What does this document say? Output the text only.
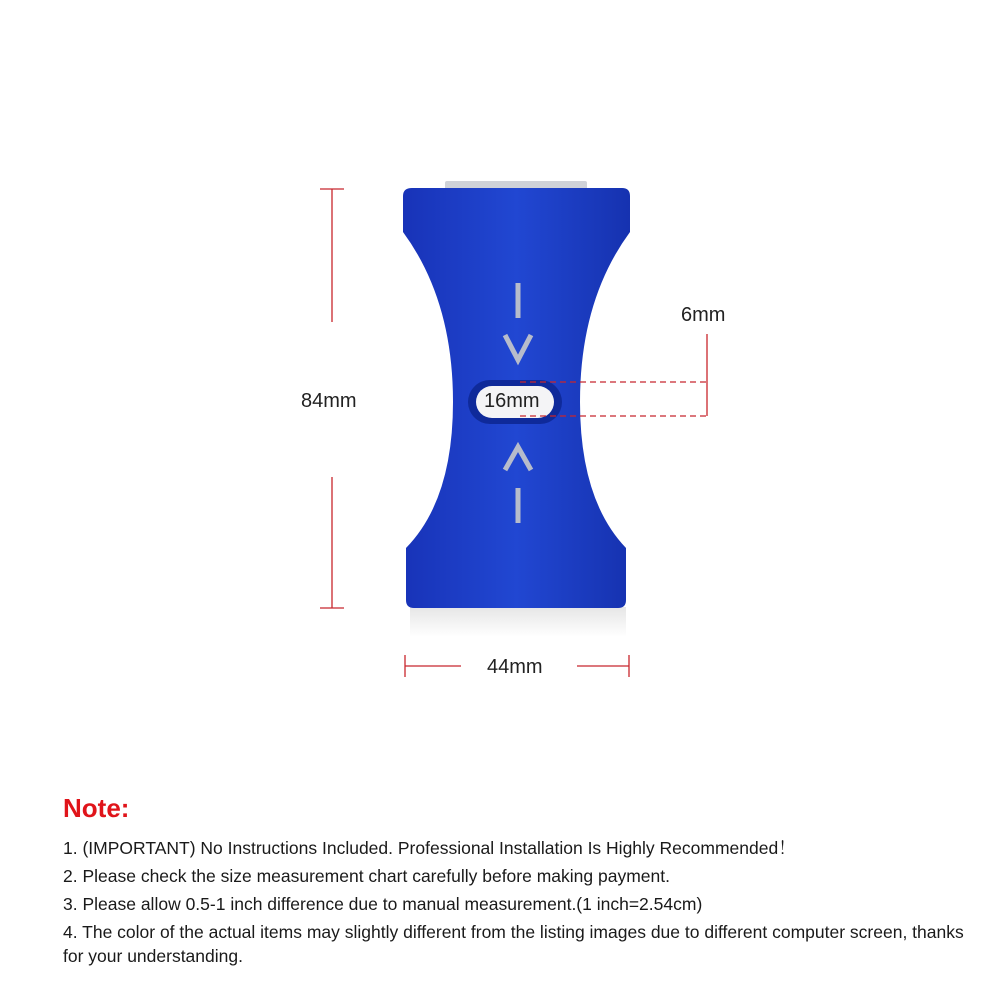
84mm
6mm
16mm
44mm
Note:
1. (IMPORTANT) No Instructions Included. Professional Installation Is Highly Recommended！
2. Please check the size measurement chart carefully before making payment.
3. Please allow 0.5-1 inch difference due to manual measurement.(1 inch=2.54cm)
4. The color of the actual items may slightly different from the listing images due to different computer screen, thanks for your understanding.
